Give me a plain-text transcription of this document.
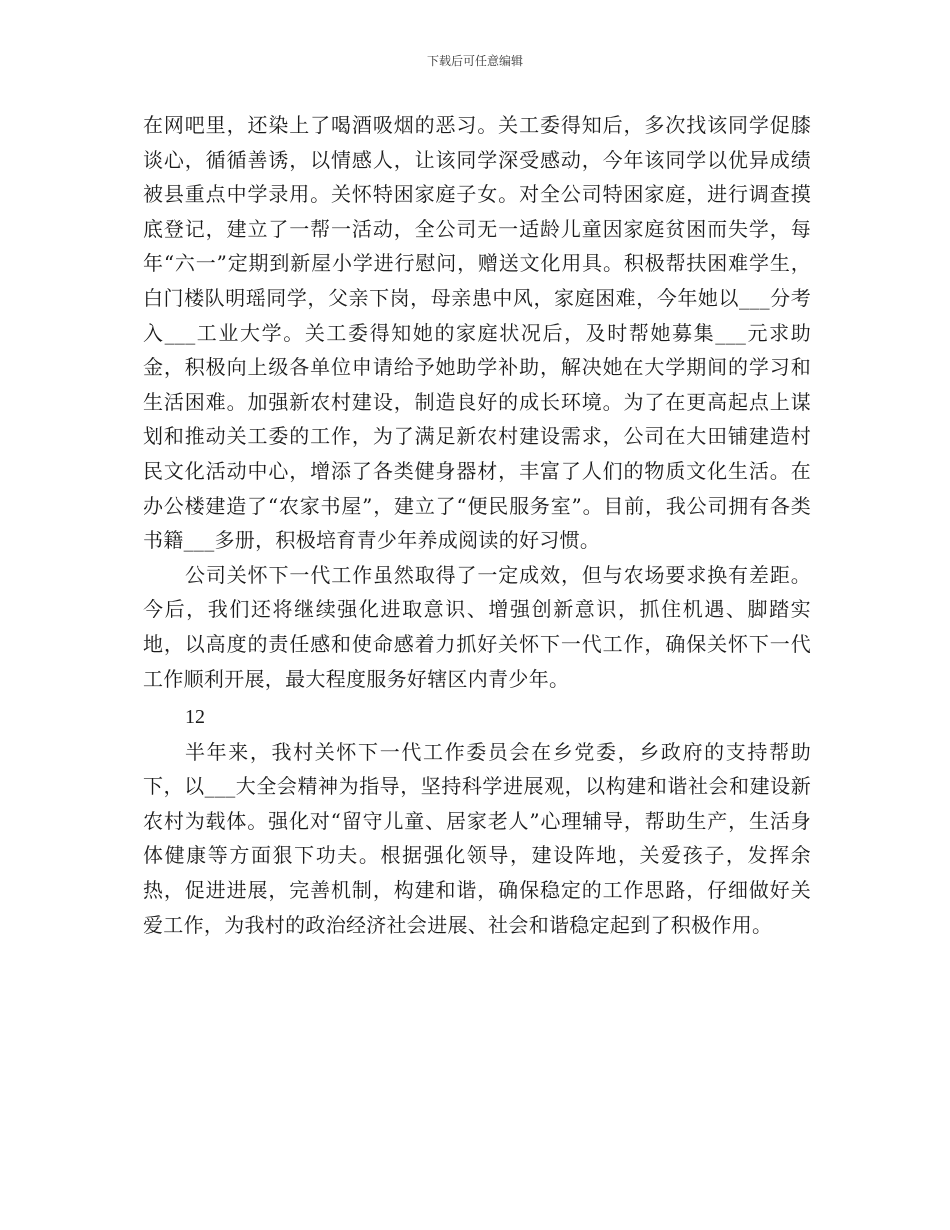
下载后可任意编辑

在网吧里，还染上了喝酒吸烟的恶习。关工委得知后，多次找该同学促膝谈心，循循善诱，以情感人，让该同学深受感动，今年该同学以优异成绩被县重点中学录用。关怀特困家庭子女。对全公司特困家庭，进行调查摸底登记，建立了一帮一活动，全公司无一适龄儿童因家庭贫困而失学，每年“六一”定期到新屋小学进行慰问，赠送文化用具。积极帮扶困难学生，白门楼队明瑶同学，父亲下岗，母亲患中风，家庭困难，今年她以___分考入___工业大学。关工委得知她的家庭状况后，及时帮她募集___元求助金，积极向上级各单位申请给予她助学补助，解决她在大学期间的学习和生活困难。加强新农村建设，制造良好的成长环境。为了在更高起点上谋划和推动关工委的工作，为了满足新农村建设需求，公司在大田铺建造村民文化活动中心，增添了各类健身器材，丰富了人们的物质文化生活。在办公楼建造了“农家书屋”，建立了“便民服务室”。目前，我公司拥有各类书籍___多册，积极培育青少年养成阅读的好习惯。

公司关怀下一代工作虽然取得了一定成效，但与农场要求换有差距。今后，我们还将继续强化进取意识、增强创新意识，抓住机遇、脚踏实地，以高度的责任感和使命感着力抓好关怀下一代工作，确保关怀下一代工作顺利开展，最大程度服务好辖区内青少年。

12

半年来，我村关怀下一代工作委员会在乡党委，乡政府的支持帮助下，以___大全会精神为指导，坚持科学进展观，以构建和谐社会和建设新农村为载体。强化对“留守儿童、居家老人”心理辅导，帮助生产，生活身体健康等方面狠下功夫。根据强化领导，建设阵地，关爱孩子，发挥余热，促进进展，完善机制，构建和谐，确保稳定的工作思路，仔细做好关爱工作，为我村的政治经济社会进展、社会和谐稳定起到了积极作用。
